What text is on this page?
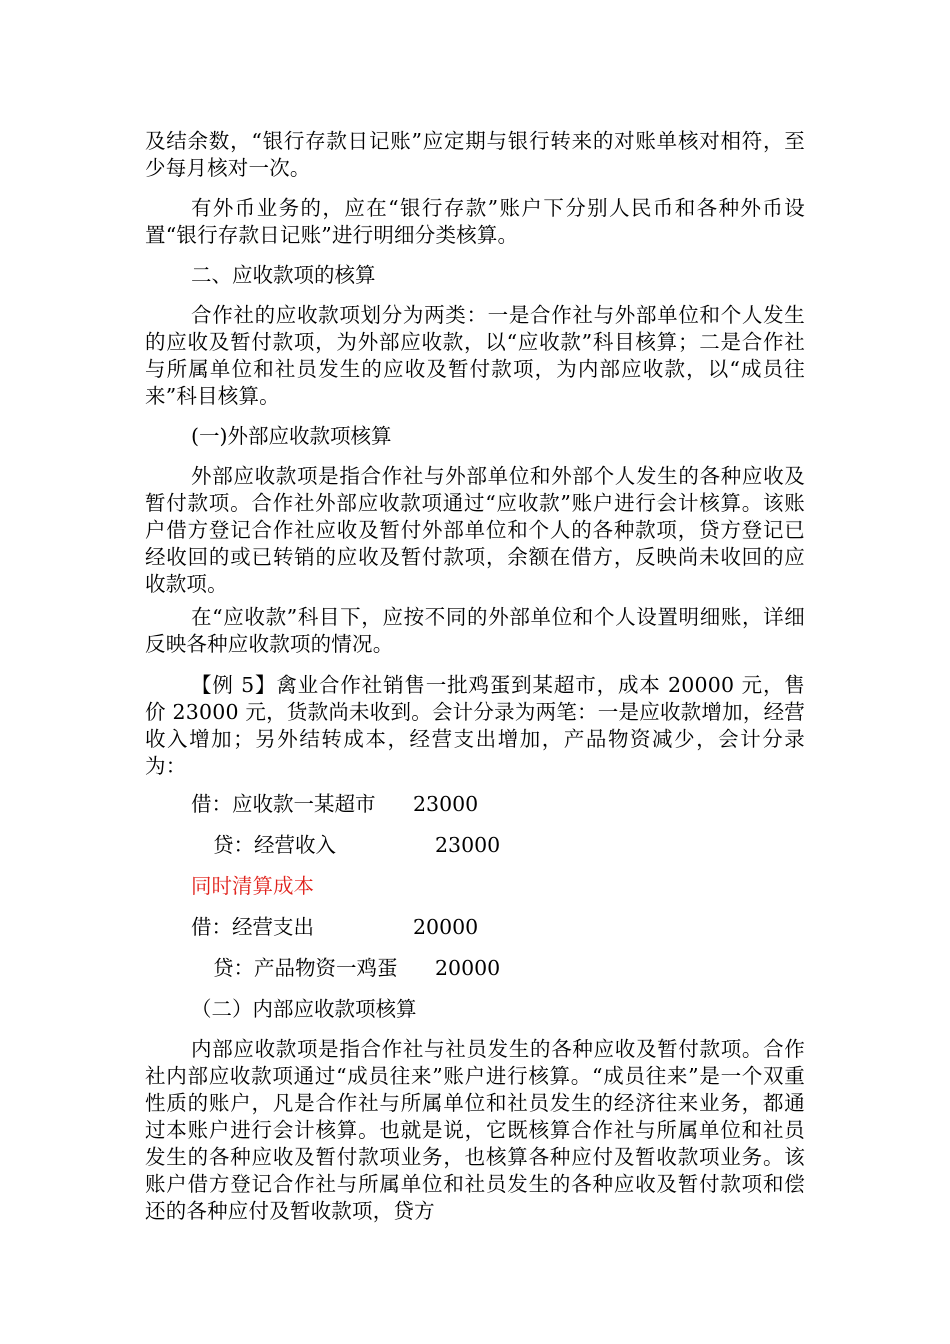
及结余数，“银行存款日记账”应定期与银行转来的对账单核对相符，至少每月核对一次。

有外币业务的，应在“银行存款”账户下分别人民币和各种外币设置“银行存款日记账”进行明细分类核算。

二、应收款项的核算

合作社的应收款项划分为两类：一是合作社与外部单位和个人发生的应收及暂付款项，为外部应收款，以“应收款”科目核算；二是合作社与所属单位和社员发生的应收及暂付款项，为内部应收款，以“成员往来”科目核算。

(一)外部应收款项核算

外部应收款项是指合作社与外部单位和外部个人发生的各种应收及暂付款项。合作社外部应收款项通过“应收款”账户进行会计核算。该账户借方登记合作社应收及暂付外部单位和个人的各种款项，贷方登记已经收回的或已转销的应收及暂付款项，余额在借方，反映尚未收回的应收款项。

在“应收款”科目下，应按不同的外部单位和个人设置明细账，详细反映各种应收款项的情况。

【例 5】禽业合作社销售一批鸡蛋到某超市，成本 20000 元，售价 23000 元，货款尚未收到。会计分录为两笔：一是应收款增加，经营收入增加；另外结转成本，经营支出增加，产品物资减少，会计分录为：

借：应收款一某超市 23000
贷：经营收入	23000

同时清算成本

借：经营支出	20000
贷：产品物资一鸡蛋 20000

（二）内部应收款项核算

内部应收款项是指合作社与社员发生的各种应收及暂付款项。合作社内部应收款项通过“成员往来”账户进行核算。“成员往来”是一个双重性质的账户，凡是合作社与所属单位和社员发生的经济往来业务，都通过本账户进行会计核算。也就是说，它既核算合作社与所属单位和社员发生的各种应收及暂付款项业务，也核算各种应付及暂收款项业务。该账户借方登记合作社与所属单位和社员发生的各种应收及暂付款项和偿还的各种应付及暂收款项，贷方
